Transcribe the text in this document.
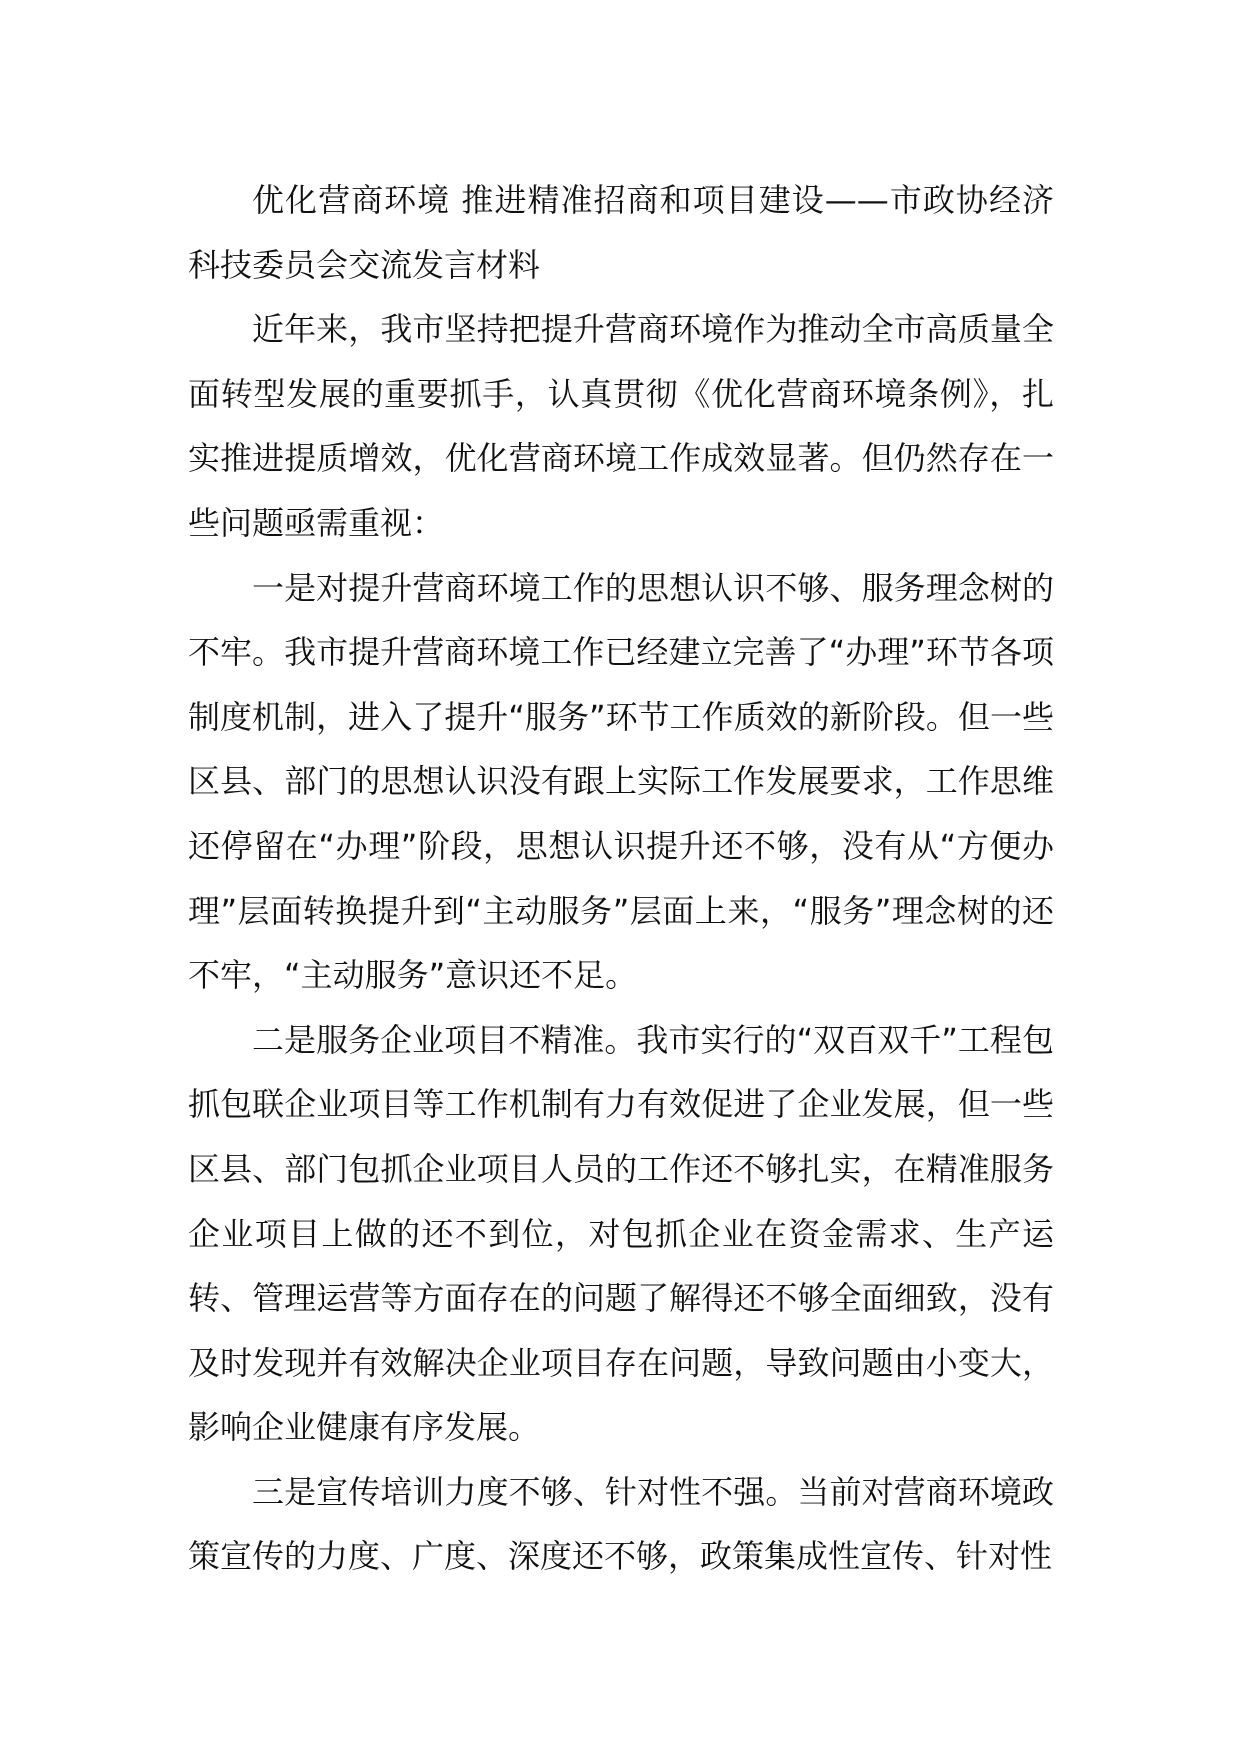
优化营商环境 推进精准招商和项目建设——市政协经济科技委员会交流发言材料

近年来，我市坚持把提升营商环境作为推动全市高质量全面转型发展的重要抓手，认真贯彻《优化营商环境条例》，扎实推进提质增效，优化营商环境工作成效显著。但仍然存在一些问题亟需重视：

一是对提升营商环境工作的思想认识不够、服务理念树的不牢。我市提升营商环境工作已经建立完善了“办理”环节各项制度机制，进入了提升“服务”环节工作质效的新阶段。但一些区县、部门的思想认识没有跟上实际工作发展要求，工作思维还停留在“办理”阶段，思想认识提升还不够，没有从“方便办理”层面转换提升到“主动服务”层面上来，“服务”理念树的还不牢，“主动服务”意识还不足。

二是服务企业项目不精准。我市实行的“双百双千”工程包抓包联企业项目等工作机制有力有效促进了企业发展，但一些区县、部门包抓企业项目人员的工作还不够扎实，在精准服务企业项目上做的还不到位，对包抓企业在资金需求、生产运转、管理运营等方面存在的问题了解得还不够全面细致，没有及时发现并有效解决企业项目存在问题，导致问题由小变大，影响企业健康有序发展。

三是宣传培训力度不够、针对性不强。当前对营商环境政策宣传的力度、广度、深度还不够，政策集成性宣传、针对性
